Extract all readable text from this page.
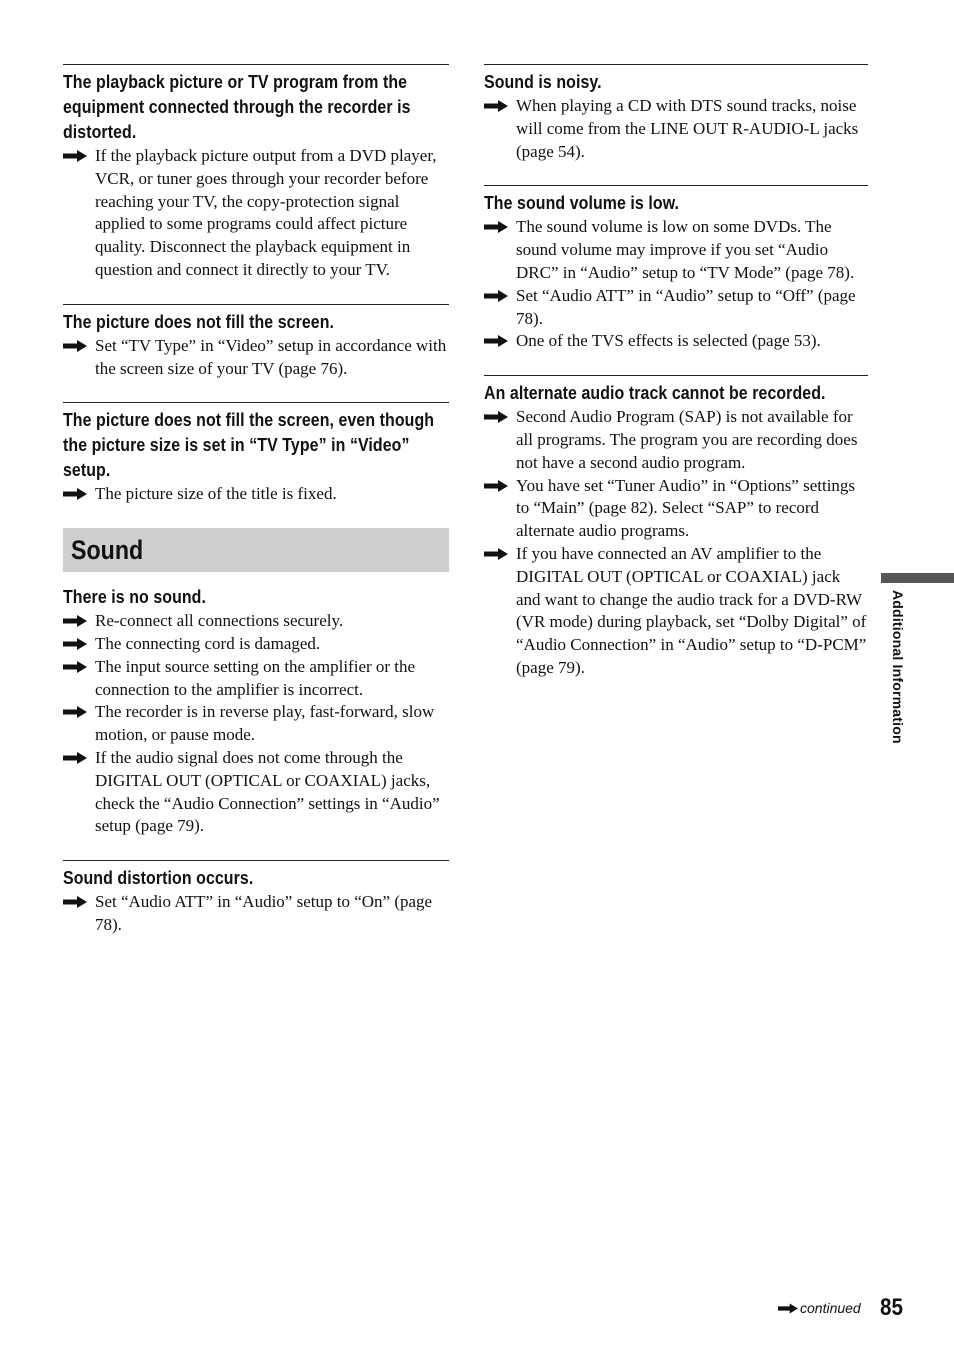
The playback picture or TV program from the equipment connected through the recorder is distorted.
If the playback picture output from a DVD player, VCR, or tuner goes through your recorder before reaching your TV, the copy-protection signal applied to some programs could affect picture quality. Disconnect the playback equipment in question and connect it directly to your TV.
The picture does not fill the screen.
Set “TV Type” in “Video” setup in accordance with the screen size of your TV (page 76).
The picture does not fill the screen, even though the picture size is set in “TV Type” in “Video” setup.
The picture size of the title is fixed.
Sound
There is no sound.
Re-connect all connections securely.
The connecting cord is damaged.
The input source setting on the amplifier or the connection to the amplifier is incorrect.
The recorder is in reverse play, fast-forward, slow motion, or pause mode.
If the audio signal does not come through the DIGITAL OUT (OPTICAL or COAXIAL) jacks, check the “Audio Connection” settings in “Audio” setup (page 79).
Sound distortion occurs.
Set “Audio ATT” in “Audio” setup to “On” (page 78).
Sound is noisy.
When playing a CD with DTS sound tracks, noise will come from the LINE OUT R-AUDIO-L jacks (page 54).
The sound volume is low.
The sound volume is low on some DVDs. The sound volume may improve if you set “Audio DRC” in “Audio” setup to “TV Mode” (page 78).
Set “Audio ATT” in “Audio” setup to “Off” (page 78).
One of the TVS effects is selected (page 53).
An alternate audio track cannot be recorded.
Second Audio Program (SAP) is not available for all programs. The program you are recording does not have a second audio program.
You have set “Tuner Audio” in “Options” settings to “Main” (page 82). Select “SAP” to record alternate audio programs.
If you have connected an AV amplifier to the DIGITAL OUT (OPTICAL or COAXIAL) jack and want to change the audio track for a DVD-RW (VR mode) during playback, set “Dolby Digital” of “Audio Connection” in “Audio” setup to “D-PCM” (page 79).	Additional Information
continued 85
